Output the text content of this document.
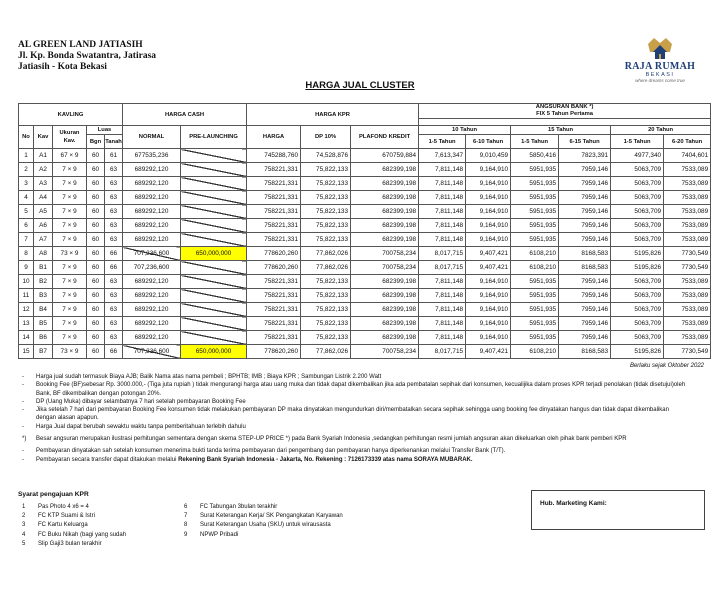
AL GREEN LAND JATIASIH
Jl. Kp. Bonda Swatantra, Jatirasa
Jatiasih - Kota Bekasi	RAJA RUMAH
BEKASI
where dreams come true
HARGA JUAL CLUSTER
KAVLING					HARGA CASH		HARGA KPR			ANGSURAN BANK *)
FIX 5 Tahun Pertama					

No	Kav	Ukuran
Kav.	Luas		NORMAL	PRE-LAUNCHING	HARGA	DP 10%	PLAFOND KREDIT	10 Tahun		15 Tahun		20 Tahun	
			Bgn	Tanah						1-5 Tahun	6-10 Tahun	1-5 Tahun	6-15 Tahun	1-5 Tahun	6-20 Tahun
1	A1	67 × 9	60	61	677535,236		745288,760	74,528,876	670759,884	7,613,347	9,010,459	5850,416	7823,391	4977,340	7404,601
2	A2	7 × 9	60	63	689292,120		758221,331	75,822,133	682399,198	7,811,148	9,164,910	5951,935	7959,146	5063,709	7533,089
3	A3	7 × 9	60	63	689292,120		758221,331	75,822,133	682399,198	7,811,148	9,164,910	5951,935	7959,146	5063,709	7533,089
4	A4	7 × 9	60	63	689292,120		758221,331	75,822,133	682399,198	7,811,148	9,164,910	5951,935	7959,146	5063,709	7533,089
5	A5	7 × 9	60	63	689292,120		758221,331	75,822,133	682399,198	7,811,148	9,164,910	5951,935	7959,146	5063,709	7533,089
6	A6	7 × 9	60	63	689292,120		758221,331	75,822,133	682399,198	7,811,148	9,164,910	5951,935	7959,146	5063,709	7533,089
7	A7	7 × 9	60	63	689292,120		758221,331	75,822,133	682399,198	7,811,148	9,164,910	5951,935	7959,146	5063,709	7533,089
8	A8	73 × 9	60	66	707,236,600	650,000,000	778620,260	77,862,026	700758,234	8,017,715	9,407,421	6108,210	8168,583	5195,826	7730,549
9	B1	7 × 9	60	66	707,236,600		778620,260	77,862,026	700758,234	8,017,715	9,407,421	6108,210	8168,583	5195,826	7730,549
10	B2	7 × 9	60	63	689292,120		758221,331	75,822,133	682399,198	7,811,148	9,164,910	5951,935	7959,146	5063,709	7533,089
11	B3	7 × 9	60	63	689292,120		758221,331	75,822,133	682399,198	7,811,148	9,164,910	5951,935	7959,146	5063,709	7533,089
12	B4	7 × 9	60	63	689292,120		758221,331	75,822,133	682399,198	7,811,148	9,164,910	5951,935	7959,146	5063,709	7533,089
13	B5	7 × 9	60	63	689292,120		758221,331	75,822,133	682399,198	7,811,148	9,164,910	5951,935	7959,146	5063,709	7533,089
14	B6	7 × 9	60	63	689292,120		758221,331	75,822,133	682399,198	7,811,148	9,164,910	5951,935	7959,146	5063,709	7533,089
15	B7	73 × 9	60	66	707,236,600	650,000,000	778620,260	77,862,026	700758,234	8,017,715	9,407,421	6108,210	8168,583	5195,826	7730,549
Berlaku sejak Oktober 2022
- Harga jual sudah termasuk Biaya AJB; Balik Nama atas nama pembeli ; BPHTB; IMB ; Biaya KPR ; Sambungan Listrik 2.200 Watt
- Booking Fee (BF)sebesar Rp. 3000.000,- (Tiga juta rupiah ) tidak mengurangi harga atau uang muka dan tidak dapat dikembalikan jika ada pembatalan sepihak dari konsumen, kecualijika dalam proses KPR terjadi penolakan (tidak disetujui)oleh Bank, BF dikembalikan dengan potongan 20%.
- DP (Uang Muka) dibayar selambatnya 7 hari setelah pembayaran Booking Fee
- Jika setelah 7 hari dari pembayaran Booking Fee konsumen tidak melakukan pembayaran DP maka dinyatakan mengundurkan diri/membatalkan secara sepihak sehingga uang booking fee dinyatakan hangus dan tidak dapat dikembalikan dengan alasan apapun.
- Harga Jual dapat berubah sewaktu waktu tanpa pemberitahuan terlebih dahulu
*) Besar angsuran merupakan ilustrasi perhitungan sementara dengan skema STEP-UP PRICE *) pada Bank Syariah Indonesia ,sedangkan perhitungan resmi jumlah angsuran akan dikeluarkan oleh pihak bank pemberi KPR
- Pembayaran dinyatakan sah setelah konsumen menerima bukti tanda terima pembayaran dari pengembang dan pembayaran hanya diperkenankan melalui Transfer Bank (T/T).
- Pembayaran secara transfer dapat ditakukan melalui Rekening Bank Syariah Indonesia - Jakarta, No. Rekening : 7126173339 atas nama SORAYA MUBARAK.
Syarat pengajuan KPR
1 Pas Photo 4 x6 = 4
2 FC KTP Suami & Istri
3 FC Kartu Keluarga
4 FC Buku Nikah (bagi yang sudah
5 Slip Gaji3 bulan terakhir
6 FC Tabungan 3bulan terakhir
7 Surat Keterangan Kerja/ SK Pengangkatan Karyawan
8 Surat Keterangan Usaha (SKU) untuk wirausasta
9 NPWP Pribadi
Hub. Marketing Kami:
